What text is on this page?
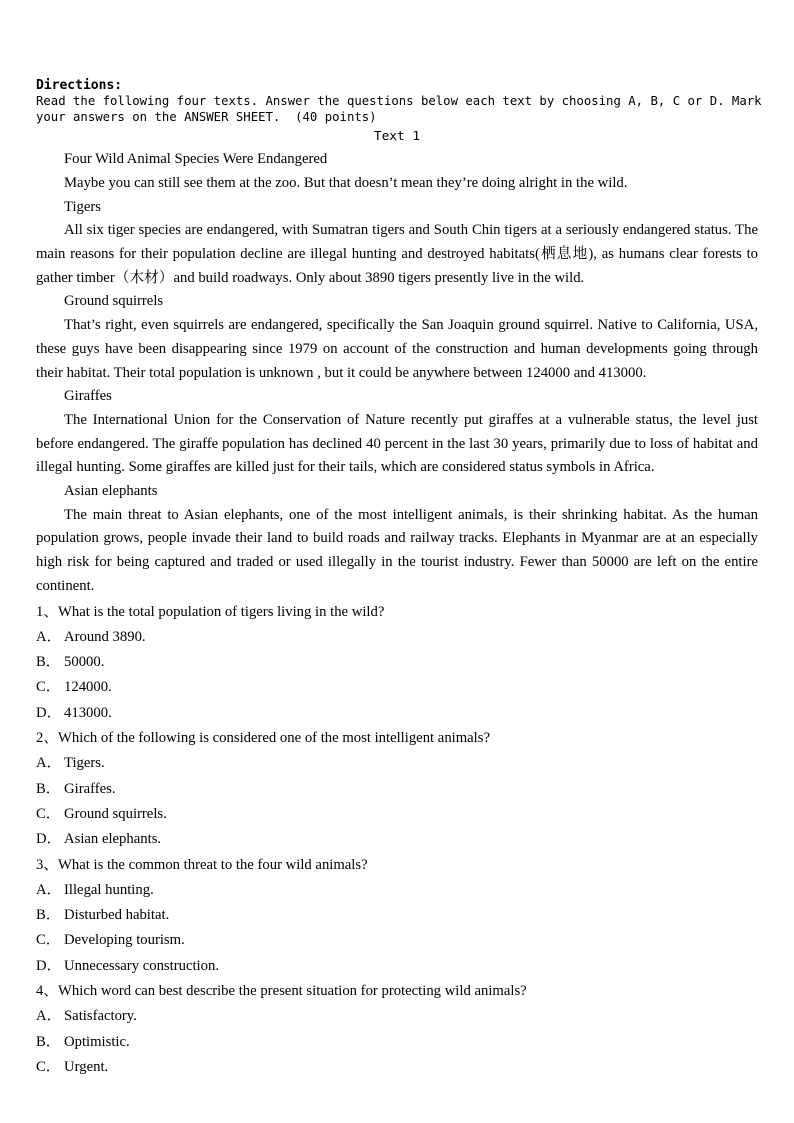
Directions:
Read the following four texts. Answer the questions below each text by choosing A, B, C or D. Mark
your answers on the ANSWER SHEET.  (40 points)
Text 1
Four Wild Animal Species Were Endangered
Maybe you can still see them at the zoo. But that doesn’t mean they’re doing alright in the wild.
Tigers
All six tiger species are endangered, with Sumatran tigers and South Chin tigers at a seriously endangered status. The main reasons for their population decline are illegal hunting and destroyed habitats(栖息地), as humans clear forests to gather timber（木材）and build roadways. Only about 3890 tigers presently live in the wild.
Ground squirrels
That’s right, even squirrels are endangered, specifically the San Joaquin ground squirrel. Native to California, USA, these guys have been disappearing since 1979 on account of the construction and human developments going through their habitat. Their total population is unknown , but it could be anywhere between 124000 and 413000.
Giraffes
The International Union for the Conservation of Nature recently put giraffes at a vulnerable status, the level just before endangered. The giraffe population has declined 40 percent in the last 30 years, primarily due to loss of habitat and illegal hunting. Some giraffes are killed just for their tails, which are considered status symbols in Africa.
Asian elephants
The main threat to Asian elephants, one of the most intelligent animals, is their shrinking habitat. As the human population grows, people invade their land to build roads and railway tracks. Elephants in Myanmar are at an especially high risk for being captured and traded or used illegally in the tourist industry. Fewer than 50000 are left on the entire continent.
1、What is the total population of tigers living in the wild?
A． Around 3890.
B． 50000.
C． 124000.
D． 413000.
2、Which of the following is considered one of the most intelligent animals?
A． Tigers.
B． Giraffes.
C． Ground squirrels.
D． Asian elephants.
3、What is the common threat to the four wild animals?
A． Illegal hunting.
B． Disturbed habitat.
C． Developing tourism.
D． Unnecessary construction.
4、Which word can best describe the present situation for protecting wild animals?
A． Satisfactory.
B． Optimistic.
C． Urgent.
